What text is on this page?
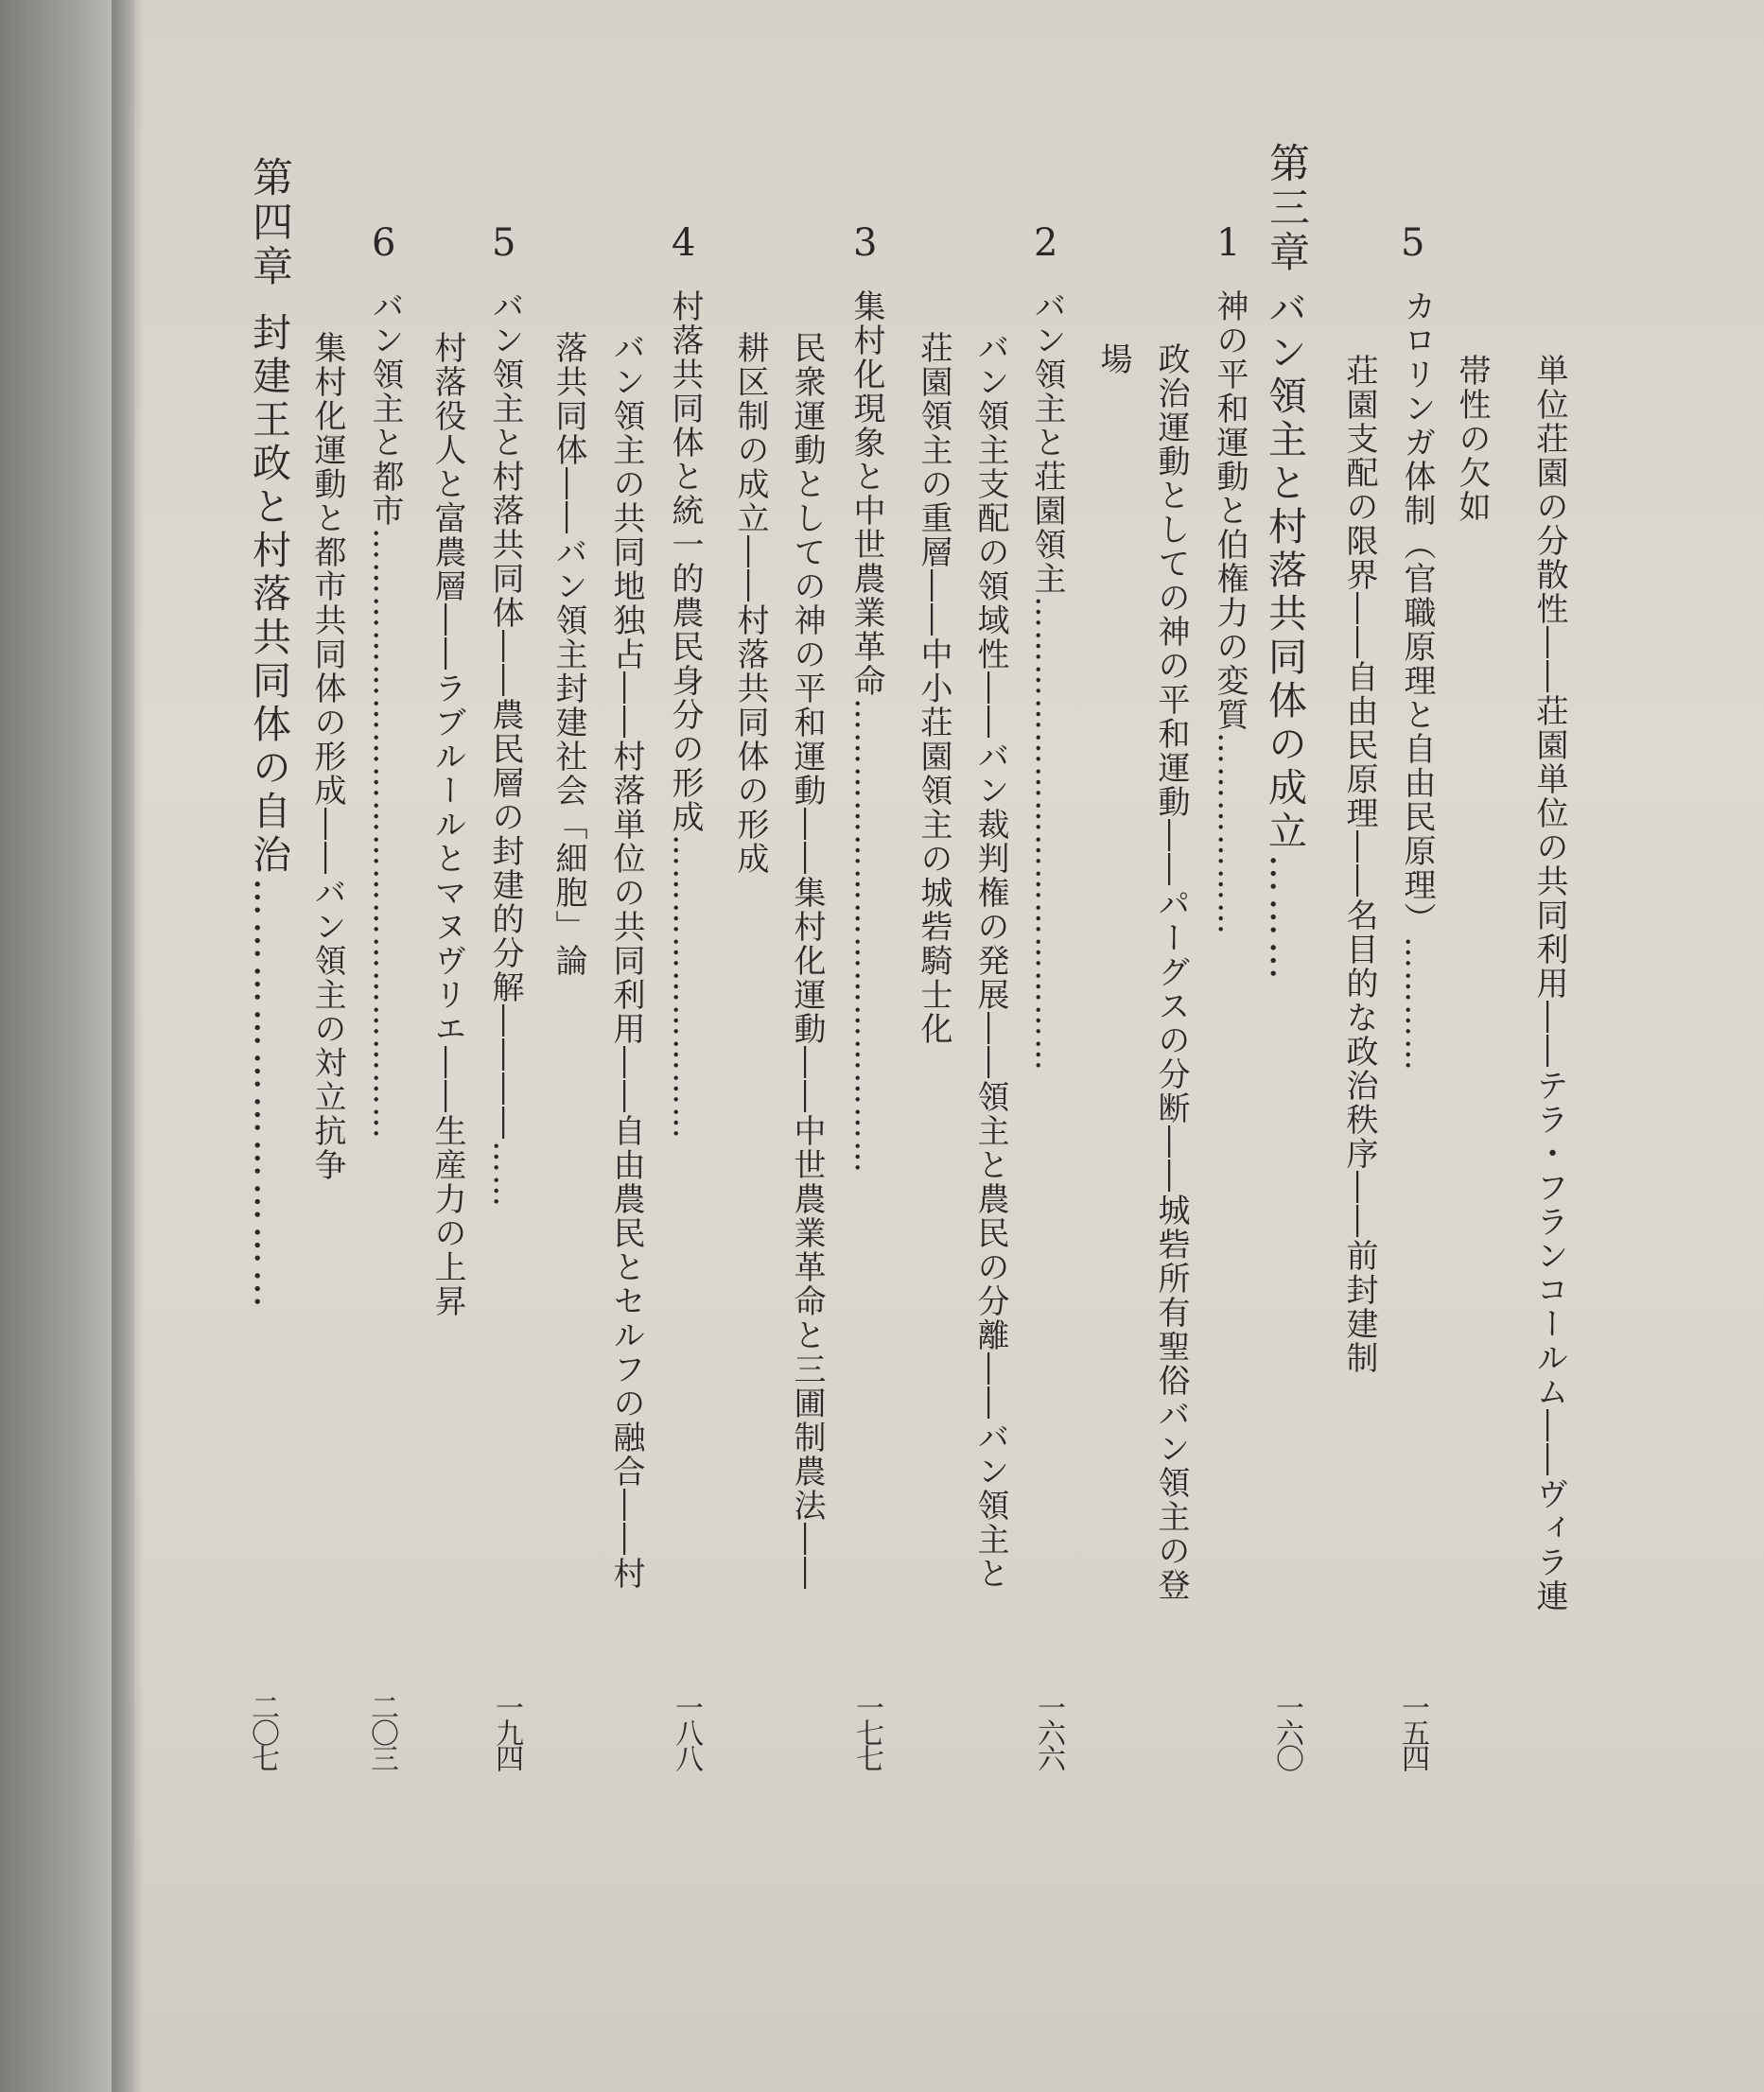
5
単位荘園の分散性――荘園単位の共同利用――テラ・フランコールム――ヴィラ連
帯性の欠如
カロリンガ体制（官職原理と自由民原理）…………
荘園支配の限界――自由民原理――名目的な政治秩序――前封建制
一五四
第三章
バン領主と村落共同体の成立………
一六〇
1
神の平和運動と伯権力の変質………………
政治運動としての神の平和運動――パーグスの分断――城砦所有聖俗バン領主の登
場
2
バン領主と荘園領主……………………………………
バン領主支配の領域性――バン裁判権の発展――領主と農民の分離――バン領主と
荘園領主の重層――中小荘園領主の城砦騎士化
一六六
3
集村化現象と中世農業革命……………………………………
民衆運動としての神の平和運動――集村化運動――中世農業革命と三圃制農法――
耕区制の成立――村落共同体の形成
一七七
4
村落共同体と統一的農民身分の形成………………………
バン領主の共同地独占――村落単位の共同利用――自由農民とセルフの融合――村
落共同体――バン領主封建社会「細胞」論
一八八
5
バン領主と村落共同体――農民層の封建的分解――――……
村落役人と富農層――ラブルールとマヌヴリエ――生産力の上昇
一九四
6
バン領主と都市………………………………………………
集村化運動と都市共同体の形成――バン領主の対立抗争
二〇三
第四章
封建王政と村落共同体の自治…………………………
二〇七
